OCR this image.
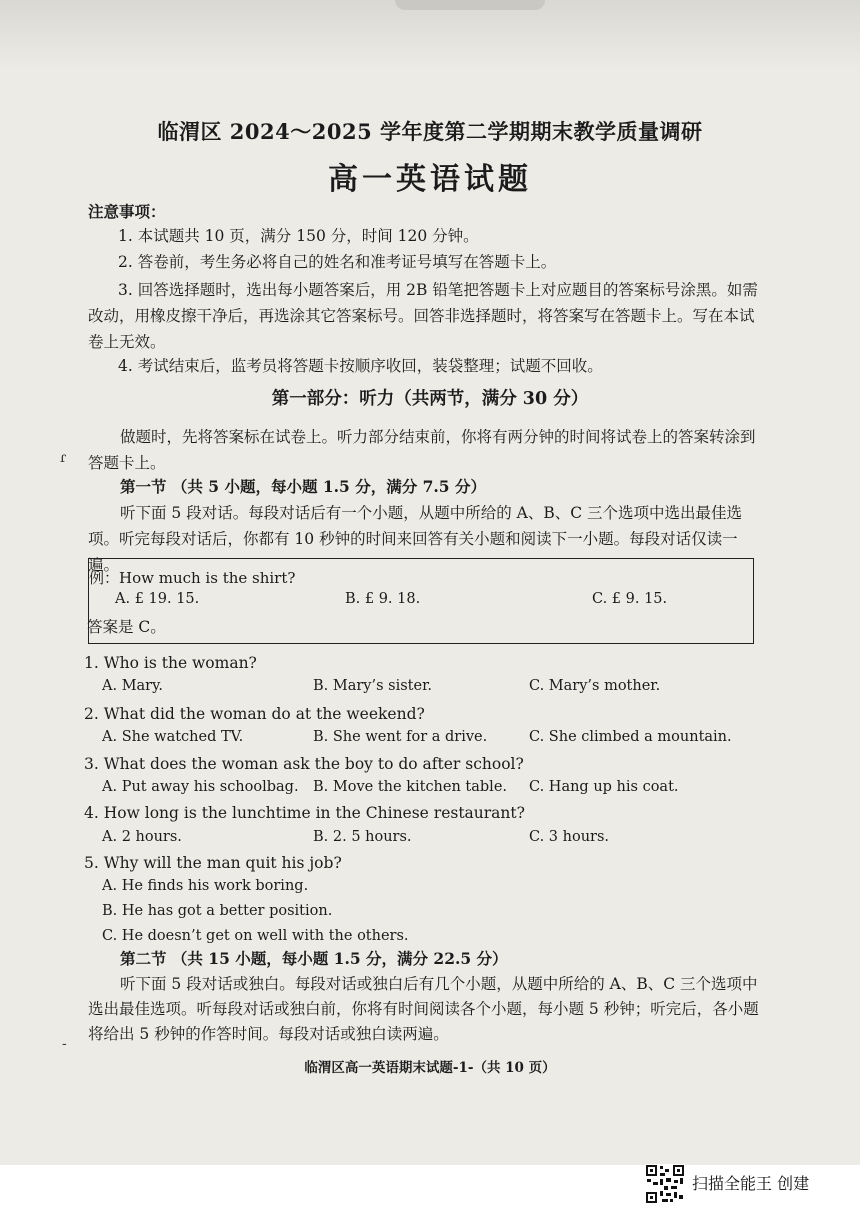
临渭区 2024～2025 学年度第二学期期末教学质量调研
高一英语试题
注意事项：
1. 本试题共 10 页，满分 150 分，时间 120 分钟。
2. 答卷前，考生务必将自己的姓名和准考证号填写在答题卡上。
3. 回答选择题时，选出每小题答案后，用 2B 铅笔把答题卡上对应题目的答案标号涂黑。如需改动，用橡皮擦干净后，再选涂其它答案标号。回答非选择题时，将答案写在答题卡上。写在本试卷上无效。
4. 考试结束后，监考员将答题卡按顺序收回，装袋整理；试题不回收。
第一部分：听力（共两节，满分 30 分）
做题时，先将答案标在试卷上。听力部分结束前，你将有两分钟的时间将试卷上的答案转涂到答题卡上。
第一节 （共 5 小题，每小题 1.5 分，满分 7.5 分）
听下面 5 段对话。每段对话后有一个小题，从题中所给的 A、B、C 三个选项中选出最佳选项。听完每段对话后，你都有 10 秒钟的时间来回答有关小题和阅读下一小题。每段对话仅读一遍。
例：How much is the shirt?
A. £ 19. 15.	B. £ 9. 18.	C. £ 9. 15.
答案是 C。
1. Who is the woman?
A. Mary.	B. Mary’s sister.	C. Mary’s mother.
2. What did the woman do at the weekend?
A. She watched TV.	B. She went for a drive.	C. She climbed a mountain.
3. What does the woman ask the boy to do after school?
A. Put away his schoolbag. B. Move the kitchen table. C. Hang up his coat.
4. How long is the lunchtime in the Chinese restaurant?
A. 2 hours.	B. 2. 5 hours.	C. 3 hours.
5. Why will the man quit his job?
A. He finds his work boring.
B. He has got a better position.
C. He doesn’t get on well with the others.
第二节 （共 15 小题，每小题 1.5 分，满分 22.5 分）
听下面 5 段对话或独白。每段对话或独白后有几个小题，从题中所给的 A、B、C 三个选项中选出最佳选项。听每段对话或独白前，你将有时间阅读各个小题，每小题 5 秒钟；听完后，各小题将给出 5 秒钟的作答时间。每段对话或独白读两遍。
临渭区高一英语期末试题-1-（共 10 页）
ɾ
-
扫描全能王 创建
